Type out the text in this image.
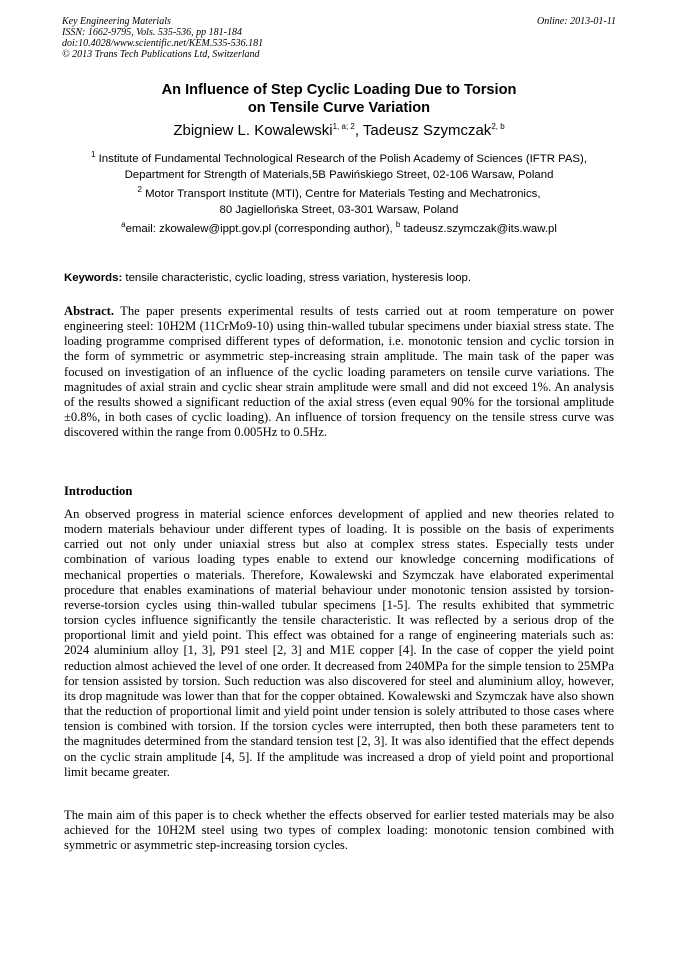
Key Engineering Materials
ISSN: 1662-9795, Vols. 535-536, pp 181-184
doi:10.4028/www.scientific.net/KEM.535-536.181
© 2013 Trans Tech Publications Ltd, Switzerland
Online: 2013-01-11
An Influence of Step Cyclic Loading Due to Torsion
on Tensile Curve Variation
Zbigniew L. Kowalewski$^{1, a; 2}$, Tadeusz Szymczak$^{2, b}$
$^1$ Institute of Fundamental Technological Research of the Polish Academy of Sciences (IFTR PAS),
Department for Strength of Materials,5B Pawińskiego Street, 02-106 Warsaw, Poland
$^2$ Motor Transport Institute (MTI), Centre for Materials Testing and Mechatronics,
80 Jagiellońska Street, 03-301 Warsaw, Poland
$^a$email: zkowalew@ippt.gov.pl (corresponding author), $^b$ tadeusz.szymczak@its.waw.pl
Keywords: tensile characteristic, cyclic loading, stress variation, hysteresis loop.

Abstract. The paper presents experimental results of tests carried out at room temperature on power engineering steel: 10H2M (11CrMo9-10) using thin-walled tubular specimens under biaxial stress state. The loading programme comprised different types of deformation, i.e. monotonic tension and cyclic torsion in the form of symmetric or asymmetric step-increasing strain amplitude. The main task of the paper was focused on investigation of an influence of the cyclic loading parameters on tensile curve variations. The magnitudes of axial strain and cyclic shear strain amplitude were small and did not exceed 1%. An analysis of the results showed a significant reduction of the axial stress (even equal 90% for the torsional amplitude ±0.8%, in both cases of cyclic loading). An influence of torsion frequency on the tensile stress curve was discovered within the range from 0.005Hz to 0.5Hz.

Introduction

An observed progress in material science enforces development of applied and new theories related to modern materials behaviour under different types of loading. It is possible on the basis of experiments carried out not only under uniaxial stress but also at complex stress states. Especially tests under combination of various loading types enable to extend our knowledge concerning modifications of mechanical properties o materials. Therefore, Kowalewski and Szymczak have elaborated experimental procedure that enables examinations of material behaviour under monotonic tension assisted by torsion-reverse-torsion cycles using thin-walled tubular specimens [1-5]. The results exhibited that symmetric torsion cycles influence significantly the tensile characteristic. It was reflected by a serious drop of the proportional limit and yield point. This effect was obtained for a range of engineering materials such as: 2024 aluminium alloy [1, 3], P91 steel [2, 3] and M1E copper [4]. In the case of copper the yield point reduction almost achieved the level of one order. It decreased from 240MPa for the simple tension to 25MPa for tension assisted by torsion. Such reduction was also discovered for steel and aluminium alloy, however, its drop magnitude was lower than that for the copper obtained. Kowalewski and Szymczak have also shown that the reduction of proportional limit and yield point under tension is solely attributed to those cases where tension is combined with torsion. If the torsion cycles were interrupted, then both these parameters tent to the magnitudes determined from the standard tension test [2, 3]. It was also identified that the effect depends on the cyclic strain amplitude [4, 5]. If the amplitude was increased a drop of yield point and proportional limit became greater.

The main aim of this paper is to check whether the effects observed for earlier tested materials may be also achieved for the 10H2M steel using two types of complex loading: monotonic tension combined with symmetric or asymmetric step-increasing torsion cycles.
